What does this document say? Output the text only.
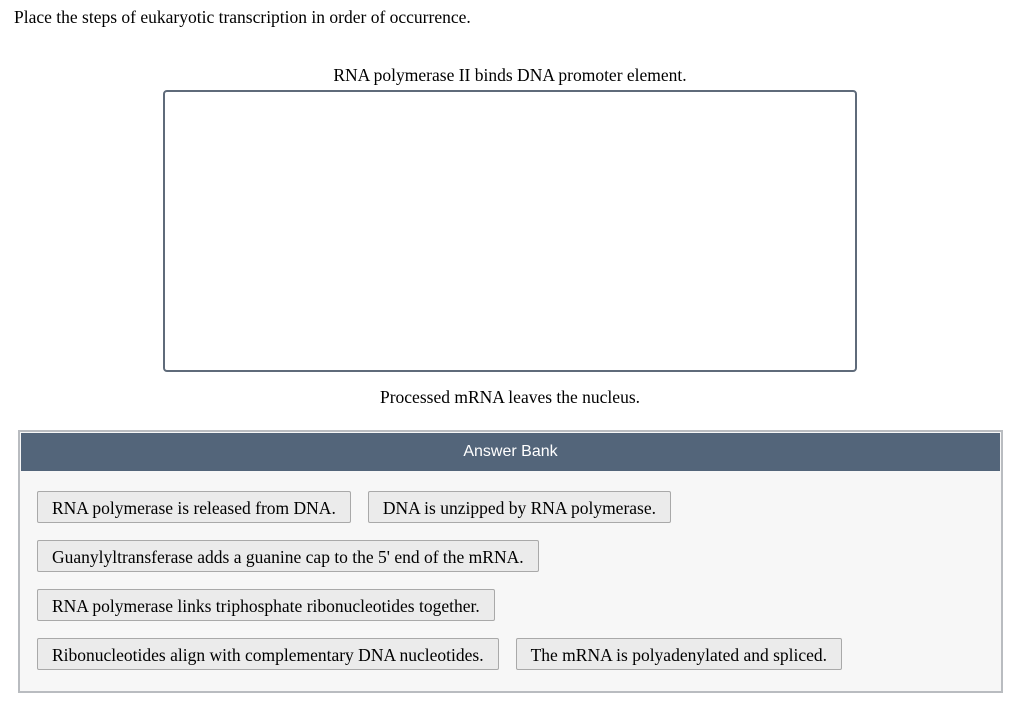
Place the steps of eukaryotic transcription in order of occurrence.

RNA polymerase II binds DNA promoter element.
Processed mRNA leaves the nucleus.
Answer Bank
RNA polymerase is released from DNA.	DNA is unzipped by RNA polymerase.
Guanylyltransferase adds a guanine cap to the 5' end of the mRNA.
RNA polymerase links triphosphate ribonucleotides together.
Ribonucleotides align with complementary DNA nucleotides.	The mRNA is polyadenylated and spliced.
